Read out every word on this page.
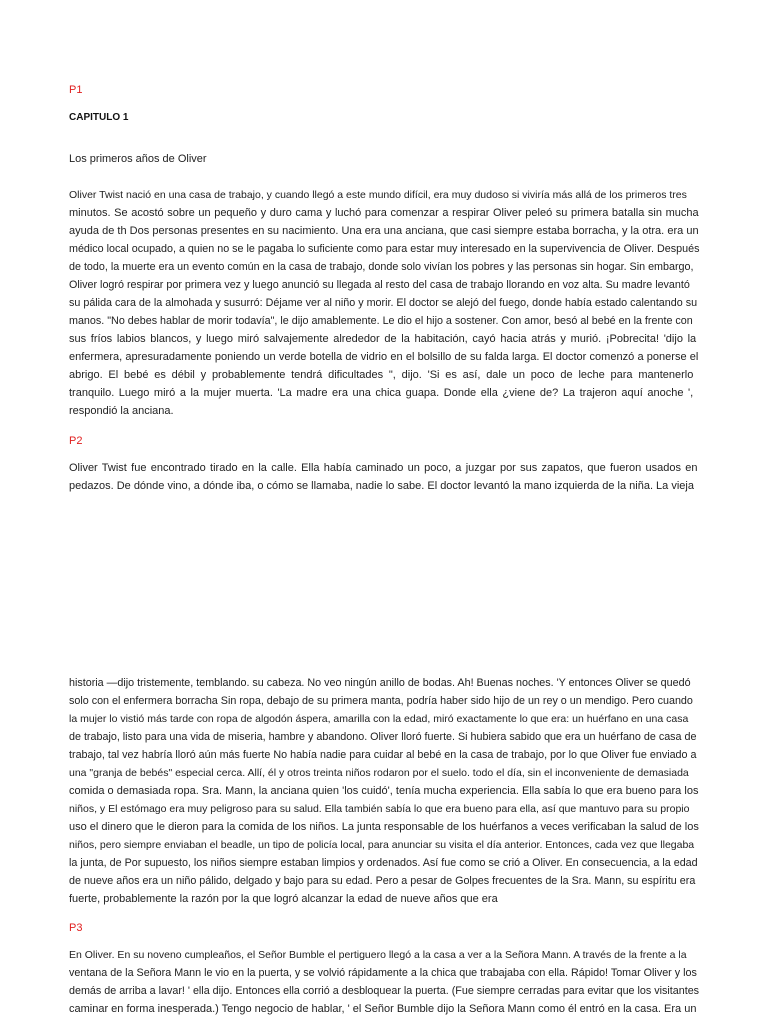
P1
CAPITULO 1
Los primeros años de Oliver
Oliver Twist nació en una casa de trabajo, y cuando llegó a este mundo difícil, era muy dudoso si viviría más allá de los primeros tres
minutos. Se acostó sobre un pequeño y duro cama y luchó para comenzar a respirar Oliver peleó su primera batalla sin mucha
ayuda de th Dos personas presentes en su nacimiento. Una era una anciana, que casi siempre estaba borracha, y la otra. era un
médico local ocupado, a quien no se le pagaba lo suficiente como para estar muy interesado en la supervivencia de Oliver. Después
de todo, la muerte era un evento común en la casa de trabajo, donde solo vivían los pobres y las personas sin hogar. Sin embargo,
Oliver logró respirar por primera vez y luego anunció su llegada al resto del casa de trabajo llorando en voz alta. Su madre levantó
su pálida cara de la almohada y susurró: Déjame ver al niño y morir. El doctor se alejó del fuego, donde había estado calentando su
manos. "No debes hablar de morir todavía", le dijo amablemente. Le dio el hijo a sostener. Con amor, besó al bebé en la frente con
sus fríos labios blancos, y luego miró salvajemente alrededor de la habitación, cayó hacia atrás y murió. ¡Pobrecita! 'dijo la
enfermera, apresuradamente poniendo un verde botella de vidrio en el bolsillo de su falda larga. El doctor comenzó a ponerse el
abrigo. El bebé es débil y probablemente tendrá dificultades ", dijo. 'Si es así, dale un poco de leche para mantenerlo
tranquilo. Luego miró a la mujer muerta. 'La madre era una chica guapa. Donde ella ¿viene de? La trajeron aquí anoche ',
respondió la anciana.
P2
Oliver Twist fue encontrado tirado en la calle. Ella había caminado un poco, a juzgar por sus zapatos, que fueron usados en
pedazos. De dónde vino, a dónde iba, o cómo se llamaba, nadie lo sabe. El doctor levantó la mano izquierda de la niña. La vieja
historia —dijo tristemente, temblando. su cabeza. No veo ningún anillo de bodas. Ah! Buenas noches. 'Y entonces Oliver se quedó
solo con el enfermera borracha Sin ropa, debajo de su primera manta, podría haber sido hijo de un rey o un mendigo. Pero cuando
la mujer lo vistió más tarde con ropa de algodón áspera, amarilla con la edad, miró exactamente lo que era: un huérfano en una casa
de trabajo, listo para una vida de miseria, hambre y abandono. Oliver lloró fuerte. Si hubiera sabido que era un huérfano de casa de
trabajo, tal vez habría lloró aún más fuerte No había nadie para cuidar al bebé en la casa de trabajo, por lo que Oliver fue enviado a
una "granja de bebés" especial cerca. Allí, él y otros treinta niños rodaron por el suelo. todo el día, sin el inconveniente de demasiada
comida o demasiada ropa. Sra. Mann, la anciana quien 'los cuidó', tenía mucha experiencia. Ella sabía lo que era bueno para los
niños, y El estómago era muy peligroso para su salud. Ella también sabía lo que era bueno para ella, así que mantuvo para su propio
uso el dinero que le dieron para la comida de los niños. La junta responsable de los huérfanos a veces verificaban la salud de los
niños, pero siempre enviaban el beadle, un tipo de policía local, para anunciar su visita el día anterior. Entonces, cada vez que llegaba
la junta, de Por supuesto, los niños siempre estaban limpios y ordenados. Así fue como se crió a Oliver. En consecuencia, a la edad
de nueve años era un niño pálido, delgado y bajo para su edad. Pero a pesar de Golpes frecuentes de la Sra. Mann, su espíritu era
fuerte, probablemente la razón por la que logró alcanzar la edad de nueve años que era
P3
En Oliver. En su noveno cumpleaños, el Señor Bumble el pertiguero llegó a la casa a ver a la Señora Mann. A través de la frente a la
ventana de la Señora Mann le vio en la puerta, y se volvió rápidamente a la chica que trabajaba con ella. Rápido! Tomar Oliver y los
demás de arriba a lavar! ' ella dijo. Entonces ella corrió a desbloquear la puerta. (Fue siempre cerradas para evitar que los visitantes
caminar en forma inesperada.) Tengo negocio de hablar, ' el Señor Bumble dijo la Señora Mann como él entró en la casa. Era un
